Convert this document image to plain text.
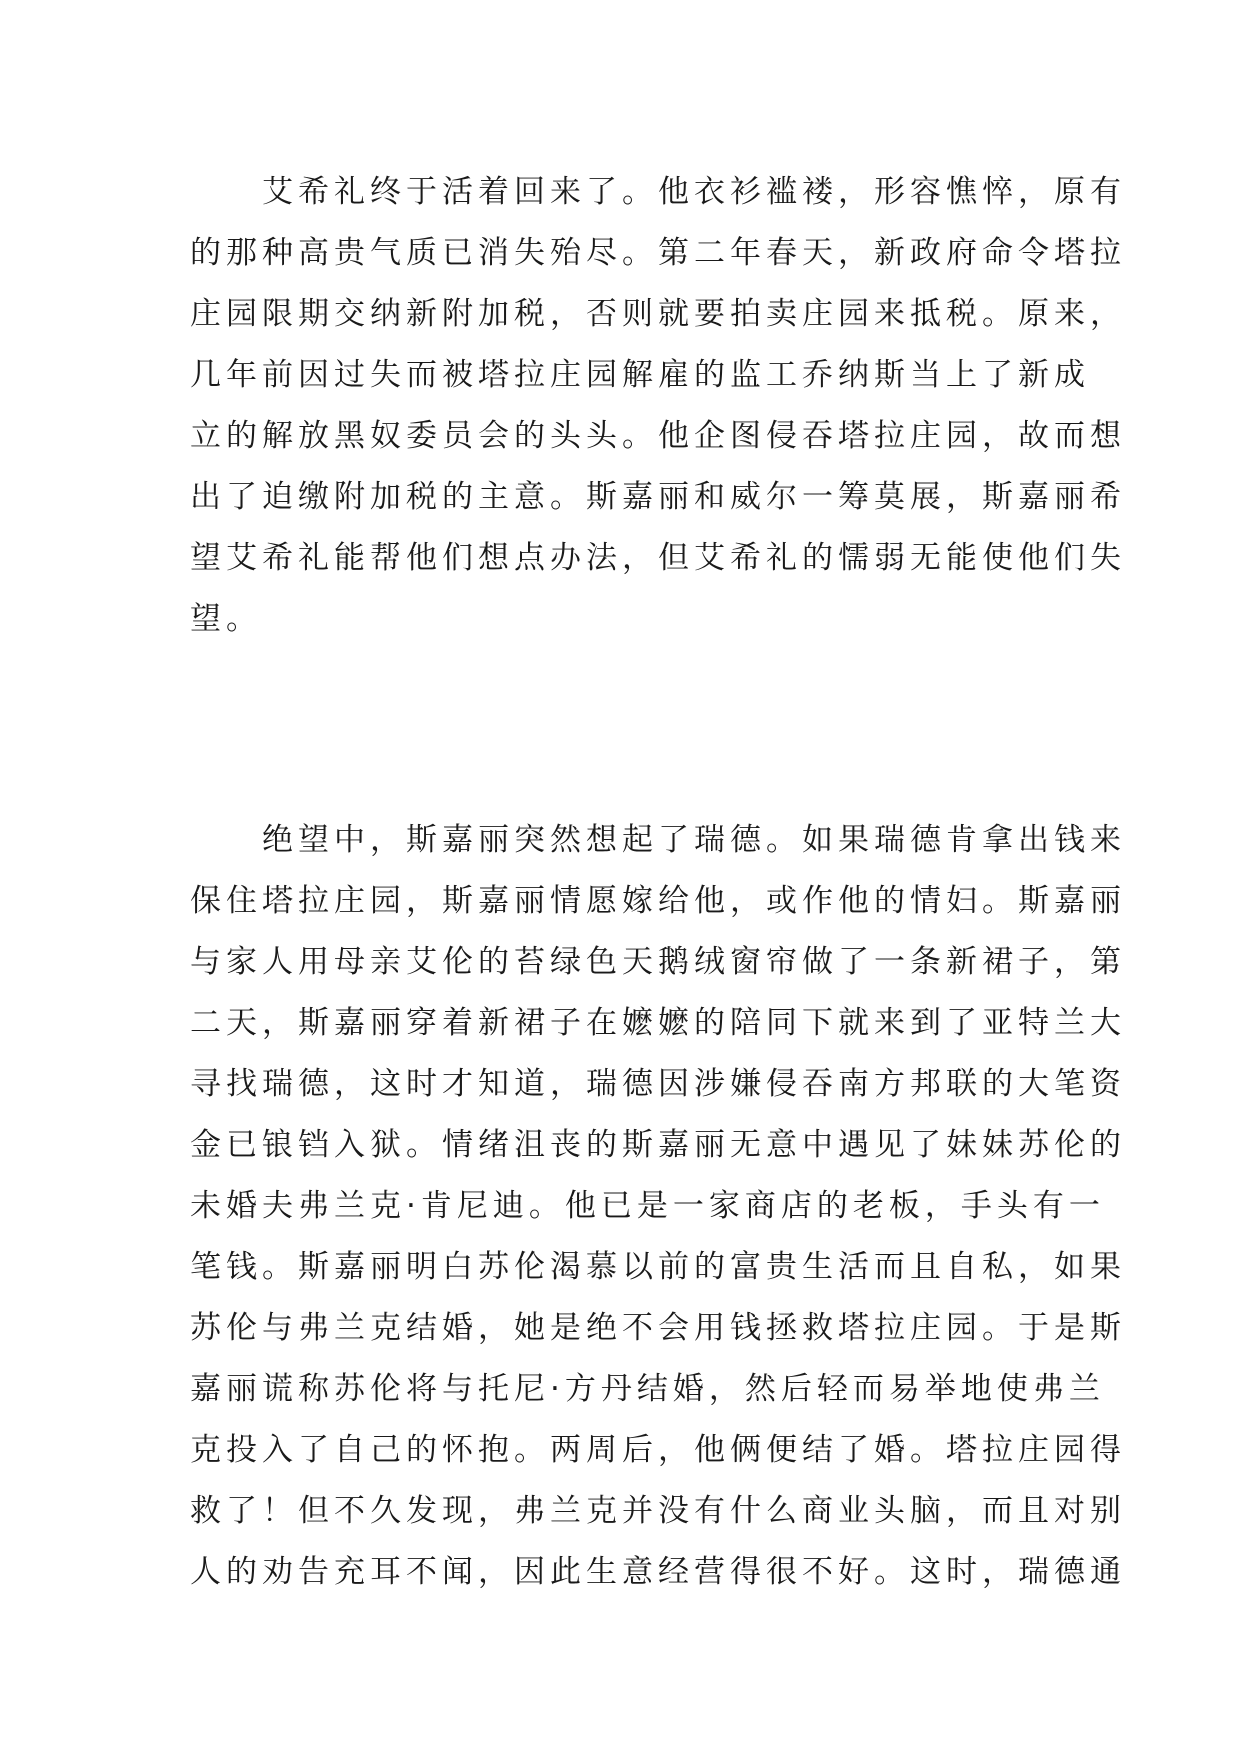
艾希礼终于活着回来了。他衣衫褴褛，形容憔悴，原有
的那种高贵气质已消失殆尽。第二年春天，新政府命令塔拉
庄园限期交纳新附加税，否则就要拍卖庄园来抵税。原来，
几年前因过失而被塔拉庄园解雇的监工乔纳斯当上了新成
立的解放黑奴委员会的头头。他企图侵吞塔拉庄园，故而想
出了迫缴附加税的主意。斯嘉丽和威尔一筹莫展，斯嘉丽希
望艾希礼能帮他们想点办法，但艾希礼的懦弱无能使他们失
望。
绝望中，斯嘉丽突然想起了瑞德。如果瑞德肯拿出钱来
保住塔拉庄园，斯嘉丽情愿嫁给他，或作他的情妇。斯嘉丽
与家人用母亲艾伦的苔绿色天鹅绒窗帘做了一条新裙子，第
二天，斯嘉丽穿着新裙子在嬷嬷的陪同下就来到了亚特兰大
寻找瑞德，这时才知道，瑞德因涉嫌侵吞南方邦联的大笔资
金已锒铛入狱。情绪沮丧的斯嘉丽无意中遇见了妹妹苏伦的
未婚夫弗兰克·肯尼迪。他已是一家商店的老板，手头有一
笔钱。斯嘉丽明白苏伦渴慕以前的富贵生活而且自私，如果
苏伦与弗兰克结婚，她是绝不会用钱拯救塔拉庄园。于是斯
嘉丽谎称苏伦将与托尼·方丹结婚，然后轻而易举地使弗兰
克投入了自己的怀抱。两周后，他俩便结了婚。塔拉庄园得
救了！但不久发现，弗兰克并没有什么商业头脑，而且对别
人的劝告充耳不闻，因此生意经营得很不好。这时，瑞德通
